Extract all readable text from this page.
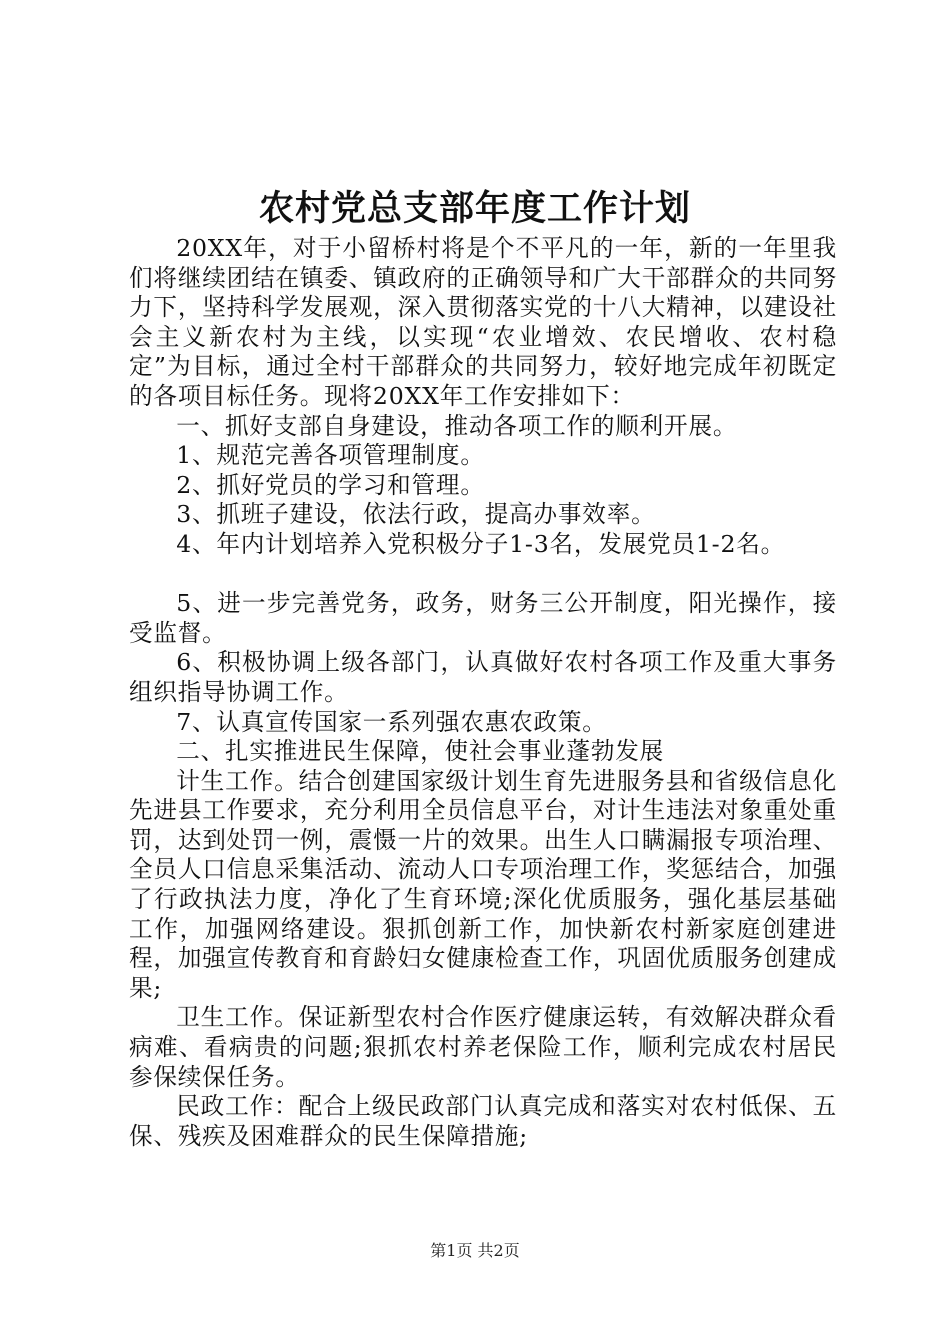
农村党总支部年度工作计划

20XX年，对于小留桥村将是个不平凡的一年，新的一年里我们将继续团结在镇委、镇政府的正确领导和广大干部群众的共同努力下，坚持科学发展观，深入贯彻落实党的十八大精神，以建设社会主义新农村为主线，以实现“农业增效、农民增收、农村稳定”为目标，通过全村干部群众的共同努力，较好地完成年初既定的各项目标任务。现将20XX年工作安排如下：

一、抓好支部自身建设，推动各项工作的顺利开展。

1、规范完善各项管理制度。

2、抓好党员的学习和管理。

3、抓班子建设，依法行政，提高办事效率。

4、年内计划培养入党积极分子1-3名，发展党员1-2名。

5、进一步完善党务，政务，财务三公开制度，阳光操作，接受监督。

6、积极协调上级各部门，认真做好农村各项工作及重大事务组织指导协调工作。

7、认真宣传国家一系列强农惠农政策。

二、扎实推进民生保障，使社会事业蓬勃发展

计生工作。结合创建国家级计划生育先进服务县和省级信息化先进县工作要求，充分利用全员信息平台，对计生违法对象重处重罚，达到处罚一例，震慑一片的效果。出生人口瞒漏报专项治理、全员人口信息采集活动、流动人口专项治理工作，奖惩结合，加强了行政执法力度，净化了生育环境;深化优质服务，强化基层基础工作，加强网络建设。狠抓创新工作，加快新农村新家庭创建进程，加强宣传教育和育龄妇女健康检查工作，巩固优质服务创建成果;

卫生工作。保证新型农村合作医疗健康运转，有效解决群众看病难、看病贵的问题;狠抓农村养老保险工作，顺利完成农村居民参保续保任务。

民政工作：配合上级民政部门认真完成和落实对农村低保、五保、残疾及困难群众的民生保障措施;

第1页 共2页
